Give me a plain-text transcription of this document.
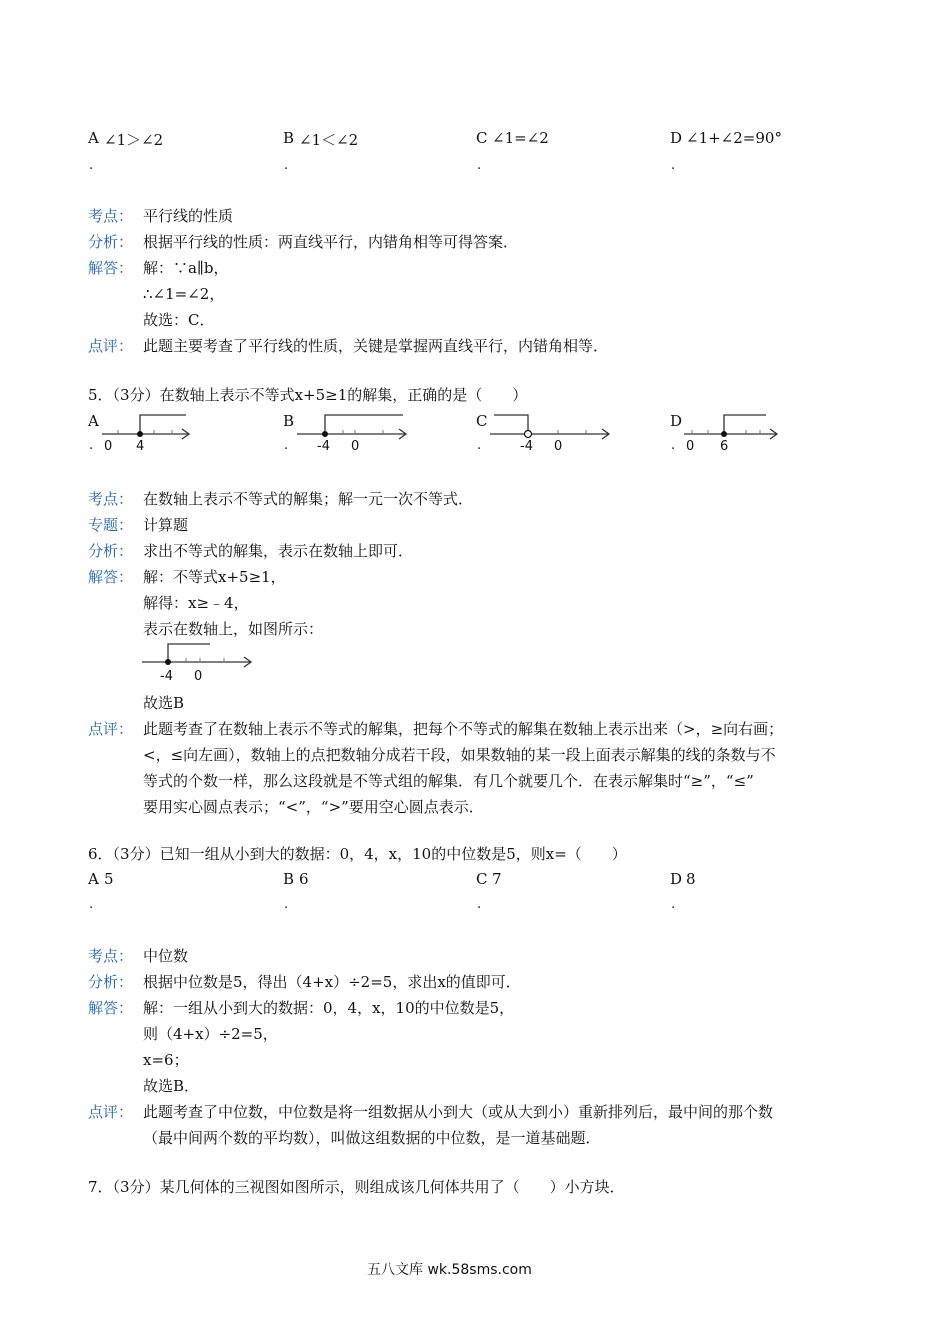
A ∠1＞∠2
.
B ∠1＜∠2
.
C ∠1=∠2
.
D ∠1+∠2=90°
.
考点： 平行线的性质
分析： 根据平行线的性质：两直线平行，内错角相等可得答案．
解答： 解：∵a∥b，
∴∠1=∠2，
故选：C．
点评： 此题主要考查了平行线的性质，关键是掌握两直线平行，内错角相等．
5．（3分）在数轴上表示不等式x+5≥1的解集，正确的是（　　）
A
. 0 4
B
. -4 0
C
.	-4 0
D
. 0 6
考点： 在数轴上表示不等式的解集；解一元一次不等式．
专题： 计算题
分析： 求出不等式的解集，表示在数轴上即可．
解答： 解：不等式x+5≥1，
解得：x≥﹣4，
表示在数轴上，如图所示：
-4 0
故选B
点评： 此题考查了在数轴上表示不等式的解集，把每个不等式的解集在数轴上表示出来（>，≥向右画；
<，≤向左画），数轴上的点把数轴分成若干段，如果数轴的某一段上面表示解集的线的条数与不
等式的个数一样，那么这段就是不等式组的解集．有几个就要几个．在表示解集时“≥”，“≤”
要用实心圆点表示；“<”，“>”要用空心圆点表示．
6．（3分）已知一组从小到大的数据：0，4，x，10的中位数是5，则x=（　　）
A 5
.
B 6
.
C 7
.
D 8
.
考点： 中位数
分析： 根据中位数是5，得出（4+x）÷2=5，求出x的值即可．
解答： 解：一组从小到大的数据：0，4，x，10的中位数是5，
则（4+x）÷2=5，
x=6；
故选B．
点评： 此题考查了中位数，中位数是将一组数据从小到大（或从大到小）重新排列后，最中间的那个数
（最中间两个数的平均数），叫做这组数据的中位数，是一道基础题．
7．（3分）某几何体的三视图如图所示，则组成该几何体共用了（　　）小方块．
五八文库 wk.58sms.com
